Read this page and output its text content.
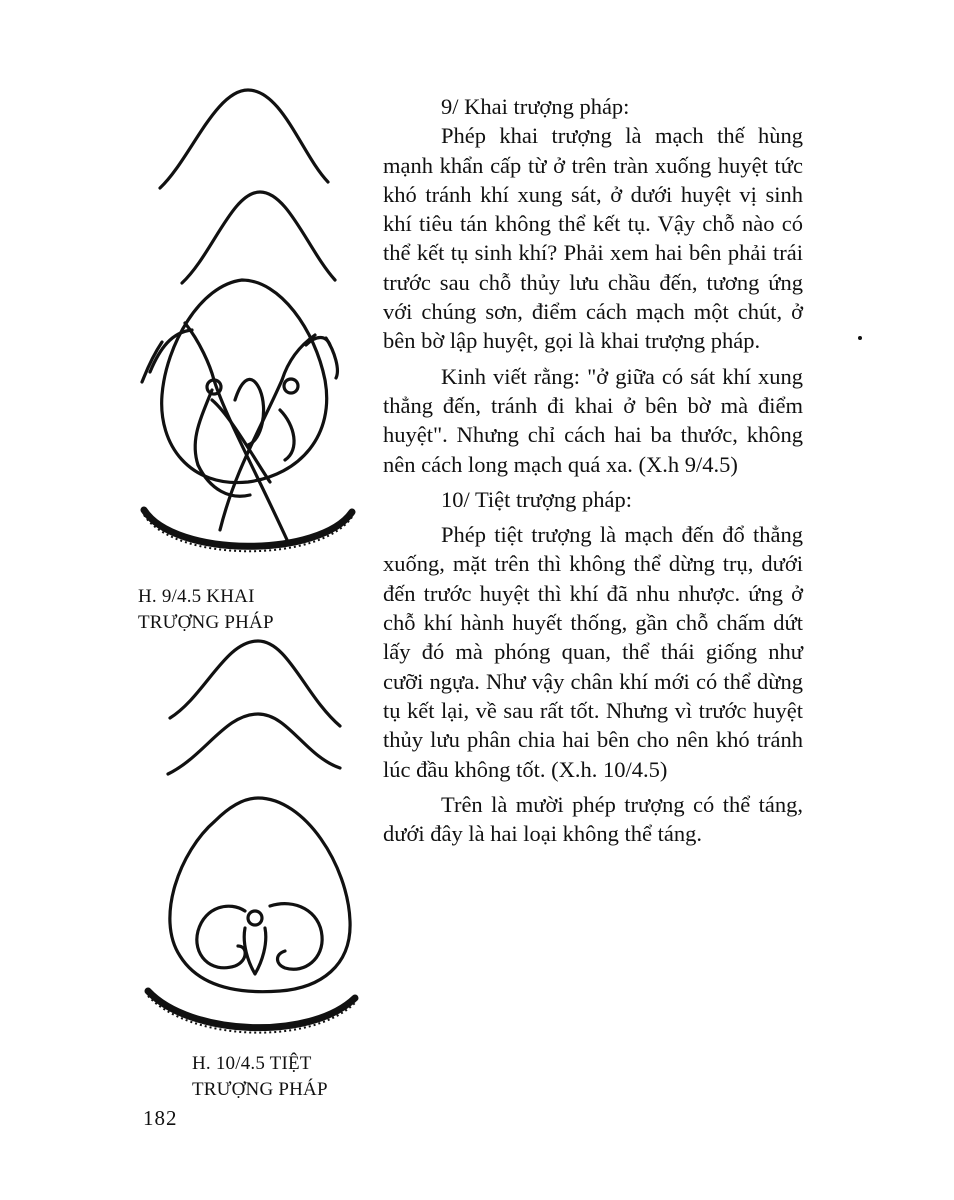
H. 9/4.5 KHAI
TRƯỢNG PHÁP
H. 10/4.5 TIỆT
TRƯỢNG PHÁP

9/ Khai trượng pháp:

Phép khai trượng là mạch thế hùng mạnh khẩn cấp từ ở trên tràn xuống huyệt tức khó tránh khí xung sát, ở dưới huyệt vị sinh khí tiêu tán không thể kết tụ. Vậy chỗ nào có thể kết tụ sinh khí? Phải xem hai bên phải trái trước sau chỗ thủy lưu chầu đến, tương ứng với chúng sơn, điểm cách mạch một chút, ở bên bờ lập huyệt, gọi là khai trượng pháp.

Kinh viết rằng: "ở giữa có sát khí xung thẳng đến, tránh đi khai ở bên bờ mà điểm huyệt". Nhưng chỉ cách hai ba thước, không nên cách long mạch quá xa. (X.h 9/4.5)

10/ Tiệt trượng pháp:

Phép tiệt trượng là mạch đến đổ thẳng xuống, mặt trên thì không thể dừng trụ, dưới đến trước huyệt thì khí đã nhu nhược. ứng ở chỗ khí hành huyết thống, gần chỗ chấm dứt lấy đó mà phóng quan, thể thái giống như cưỡi ngựa. Như vậy chân khí mới có thể dừng tụ kết lại, về sau rất tốt. Nhưng vì trước huyệt thủy lưu phân chia hai bên cho nên khó tránh lúc đầu không tốt. (X.h. 10/4.5)

Trên là mười phép trượng có thể táng, dưới đây là hai loại không thể táng.

182
